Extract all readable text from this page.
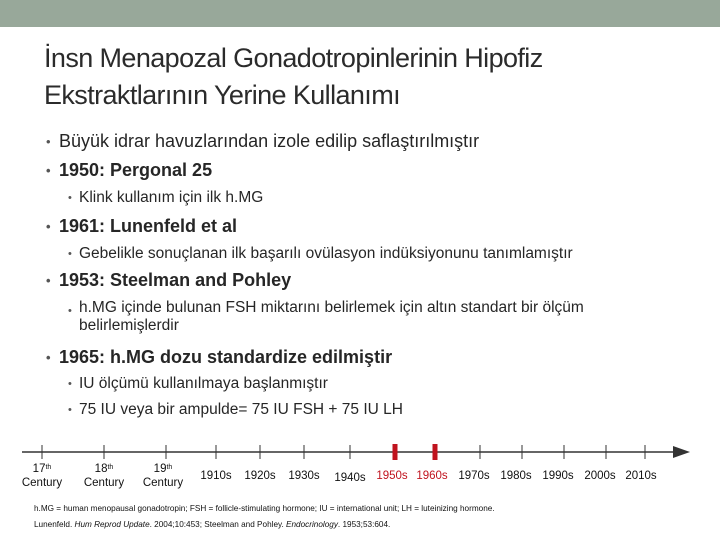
İnsn Menapozal Gonadotropinlerinin Hipofiz Ekstraktlarının Yerine Kullanımı
• Büyük idrar havuzlarından izole edilip saflaştırılmıştır
• 1950: Pergonal 25
• Klink kullanım için ilk h.MG
• 1961: Lunenfeld et al
• Gebelikle sonuçlanan ilk başarılı ovülasyon indüksiyonunu tanımlamıştır
• 1953: Steelman and Pohley
• h.MG içinde bulunan FSH miktarını belirlemek için altın standart bir ölçüm belirlemişlerdir
• 1965: h.MG dozu standardize edilmiştir
• IU ölçümü kullanılmaya başlanmıştır
• 75 IU veya bir ampulde= 75 IU FSH + 75 IU LH
17th
Century
18th
Century
19th
Century
1910s	1920s	1930s	1940s 1950s 1960s 1970s 1980s 1990s 2000s 2010s
h.MG = human menopausal gonadotropin; FSH = follicle-stimulating hormone; IU = international unit; LH = luteinizing hormone.
Lunenfeld. Hum Reprod Update. 2004;10:453; Steelman and Pohley. Endocrinology. 1953;53:604.
